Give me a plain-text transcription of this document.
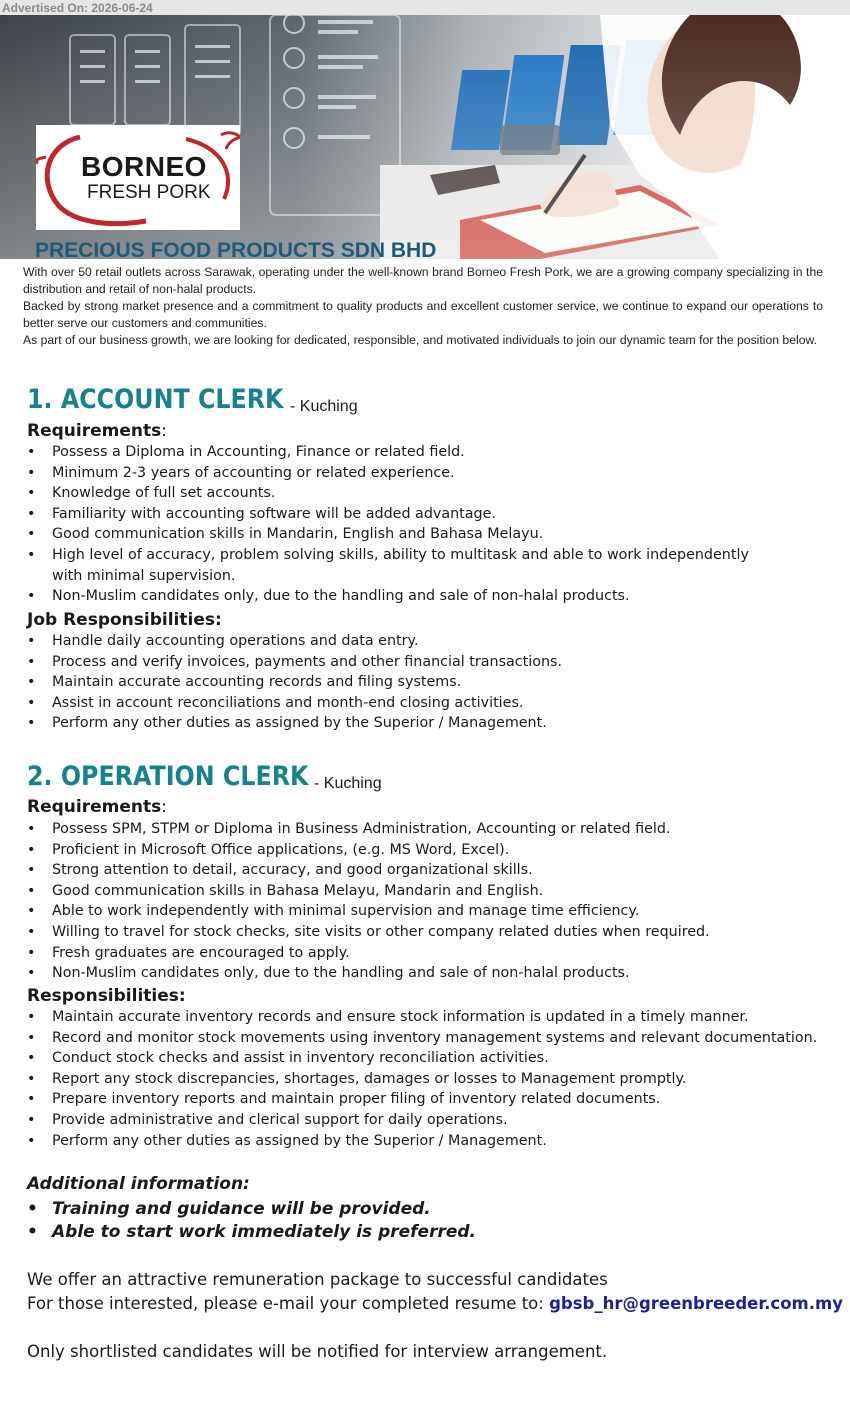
Advertised On: 2026-06-24
BORNEO
FRESH PORK
PRECIOUS FOOD PRODUCTS SDN BHD

With over 50 retail outlets across Sarawak, operating under the well-known brand Borneo Fresh Pork, we are a growing company specializing in the distribution and retail of non-halal products.

Backed by strong market presence and a commitment to quality products and excellent customer service, we continue to expand our operations to better serve our customers and communities.

As part of our business growth, we are looking for dedicated, responsible, and motivated individuals to join our dynamic team for the position below.

1. ACCOUNT CLERK - Kuching
Requirements:
• Possess a Diploma in Accounting, Finance or related field.
• Minimum 2-3 years of accounting or related experience.
• Knowledge of full set accounts.
• Familiarity with accounting software will be added advantage.
• Good communication skills in Mandarin, English and Bahasa Melayu.
• High level of accuracy, problem solving skills, ability to multitask and able to work independently with minimal supervision.
• Non-Muslim candidates only, due to the handling and sale of non-halal products.
Job Responsibilities:
• Handle daily accounting operations and data entry.
• Process and verify invoices, payments and other financial transactions.
• Maintain accurate accounting records and filing systems.
• Assist in account reconciliations and month-end closing activities.
• Perform any other duties as assigned by the Superior / Management.
2. OPERATION CLERK - Kuching
Requirements:
• Possess SPM, STPM or Diploma in Business Administration, Accounting or related field.
• Proficient in Microsoft Office applications, (e.g. MS Word, Excel).
• Strong attention to detail, accuracy, and good organizational skills.
• Good communication skills in Bahasa Melayu, Mandarin and English.
• Able to work independently with minimal supervision and manage time efficiency.
• Willing to travel for stock checks, site visits or other company related duties when required.
• Fresh graduates are encouraged to apply.
• Non-Muslim candidates only, due to the handling and sale of non-halal products.
Responsibilities:
• Maintain accurate inventory records and ensure stock information is updated in a timely manner.
• Record and monitor stock movements using inventory management systems and relevant documentation.
• Conduct stock checks and assist in inventory reconciliation activities.
• Report any stock discrepancies, shortages, damages or losses to Management promptly.
• Prepare inventory reports and maintain proper filing of inventory related documents.
• Provide administrative and clerical support for daily operations.
• Perform any other duties as assigned by the Superior / Management.
Additional information:
• Training and guidance will be provided.
• Able to start work immediately is preferred.
We offer an attractive remuneration package to successful candidates
For those interested, please e-mail your completed resume to: gbsb_hr@greenbreeder.com.my
Only shortlisted candidates will be notified for interview arrangement.
